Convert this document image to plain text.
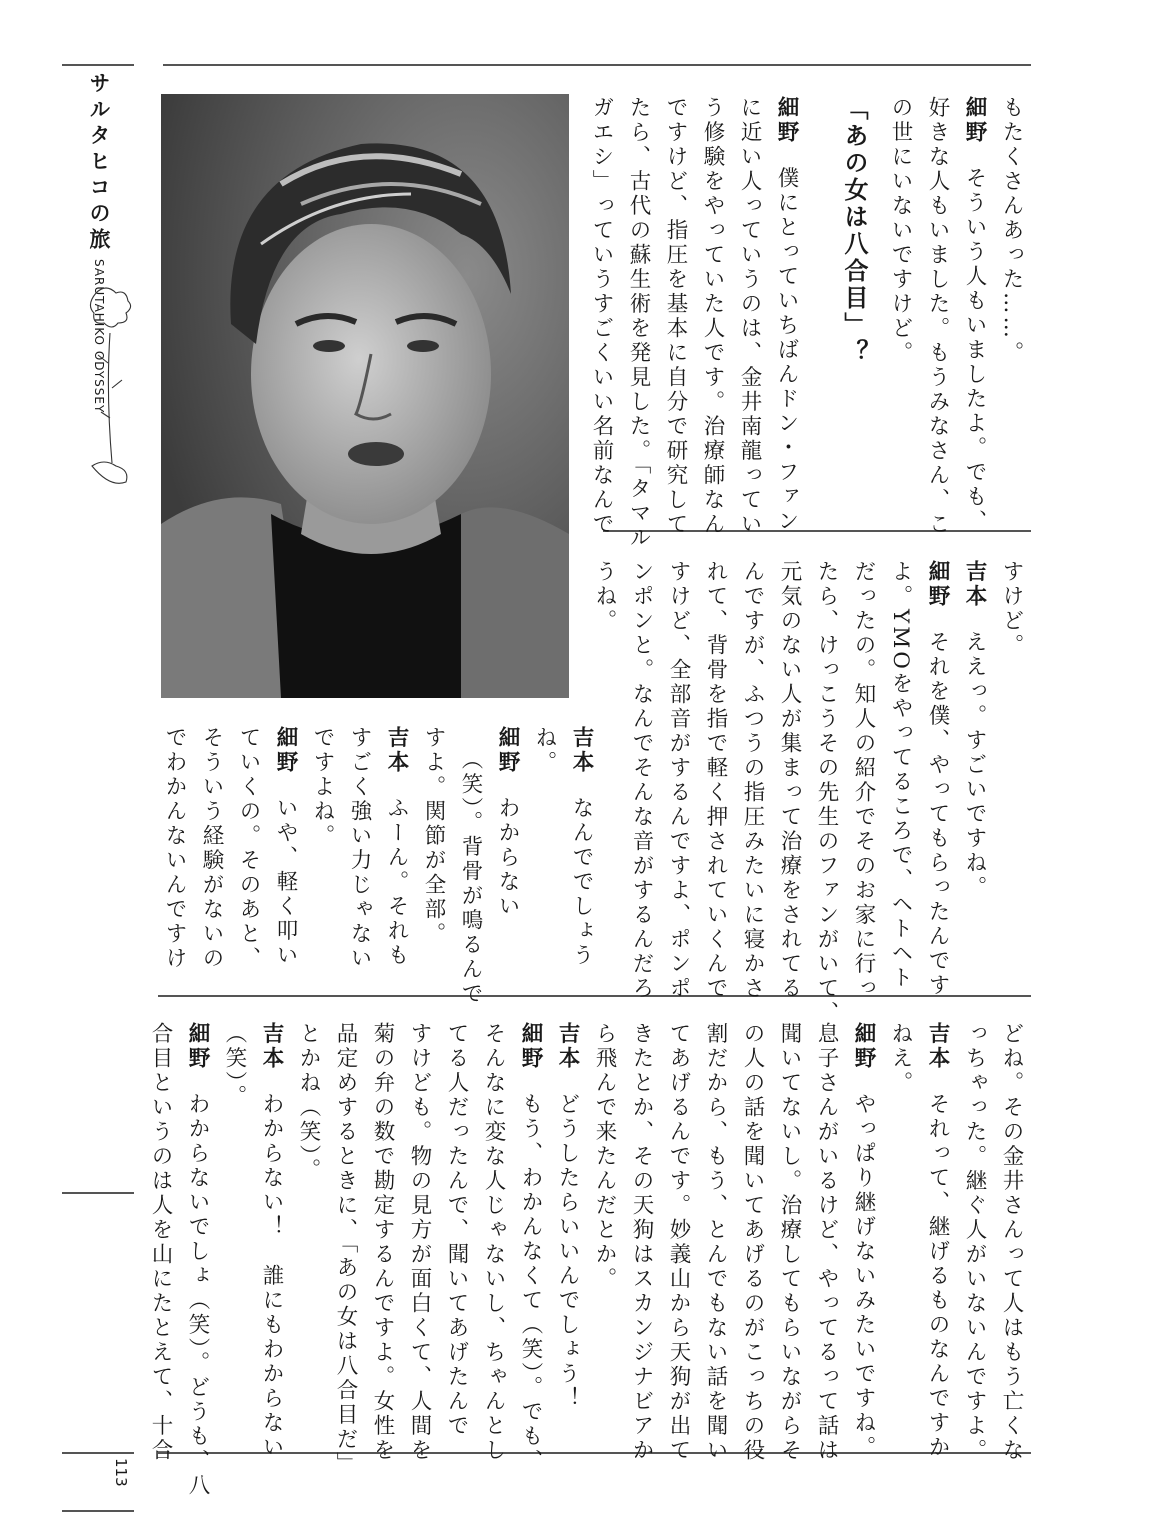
サルタヒコの旅 SARUTAHIKO ODYSSEY
113

もたくさんあった……。

細野そういう人もいましたよ。でも、

好きな人もいました。もうみなさん、こ

の世にいないですけど。

「あの女は八合目」？

細野僕にとっていちばんドン・ファン

に近い人っていうのは、金井南龍ってい

う修験をやっていた人です。治療師なん

ですけど、指圧を基本に自分で研究して

たら、古代の蘇生術を発見した。「タマル

ガエシ」っていうすごくいい名前なんで

すけど。

吉本ええっ。すごいですね。

細野それを僕、やってもらったんです

よ。YMOをやってるころで、ヘトヘト

だったの。知人の紹介でそのお家に行っ

たら、けっこうその先生のファンがいて、

元気のない人が集まって治療をされてる

んですが、ふつうの指圧みたいに寝かさ

れて、背骨を指で軽く押されていくんで

すけど、全部音がするんですよ、ポンポ

ンポンと。なんでそんな音がするんだろ

うね。

吉本なんででしょう

ね。

細野わからない

（笑）。背骨が鳴るんで

すよ。関節が全部。

吉本ふーん。それも

すごく強い力じゃない

ですよね。

細野いや、軽く叩い

ていくの。そのあと、

そういう経験がないの

でわかんないんですけ

どね。その金井さんって人はもう亡くな

っちゃった。継ぐ人がいないんですよ。

吉本それって、継げるものなんですか

ねえ。

細野やっぱり継げないみたいですね。

息子さんがいるけど、やってるって話は

聞いてないし。治療してもらいながらそ

の人の話を聞いてあげるのがこっちの役

割だから、もう、とんでもない話を聞い

てあげるんです。妙義山から天狗が出て

きたとか、その天狗はスカンジナビアか

ら飛んで来たんだとか。

吉本どうしたらいいんでしょう！

細野もう、わかんなくて（笑）。でも、

そんなに変な人じゃないし、ちゃんとし

てる人だったんで、聞いてあげたんで

すけども。物の見方が面白くて、人間を

菊の弁の数で勘定するんですよ。女性を

品定めするときに、「あの女は八合目だ」

とかね（笑）。

吉本わからない！　誰にもわからない

（笑）。

細野わからないでしょ（笑）。どうも、八

合目というのは人を山にたとえて、十合
